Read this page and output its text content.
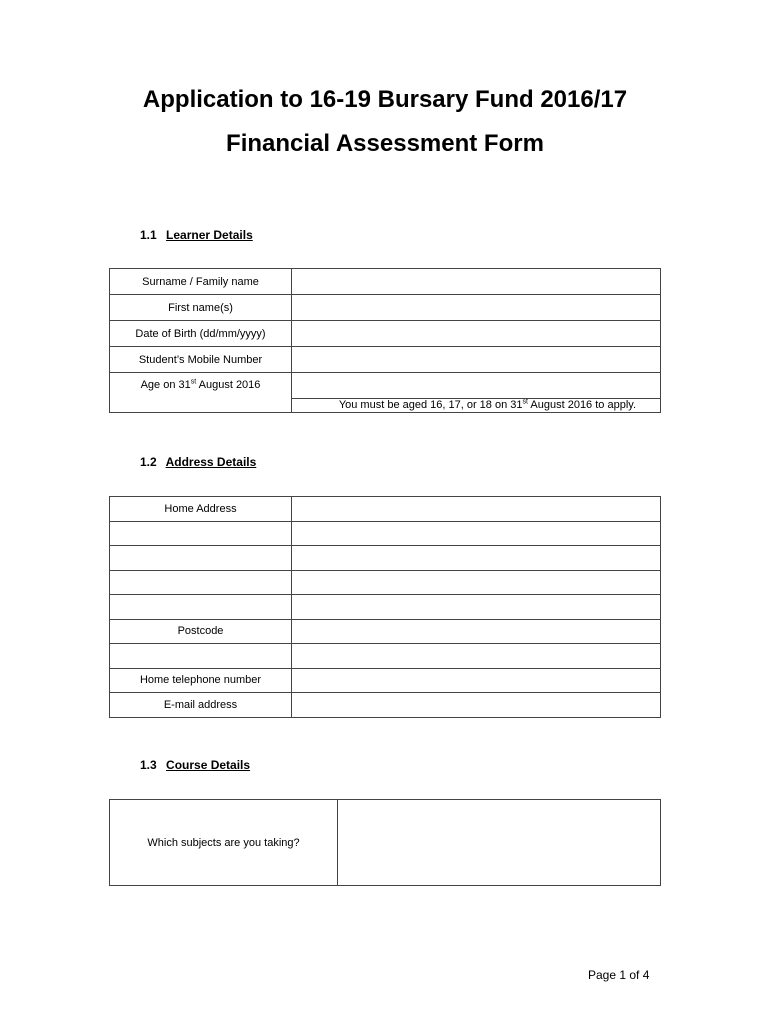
Application to 16-19 Bursary Fund 2016/17
Financial Assessment Form

1.1 Learner Details

Surname / Family name	
First name(s)	
Date of Birth (dd/mm/yyyy)	
Student’s Mobile Number	
Age on 31st August 2016	
	You must be aged 16, 17, or 18 on 31st August 2016 to apply.

1.2 Address Details

Home Address	

Postcode	

Home telephone number	
E-mail address	

1.3 Course Details

Which subjects are you taking?	

Page 1 of 4
